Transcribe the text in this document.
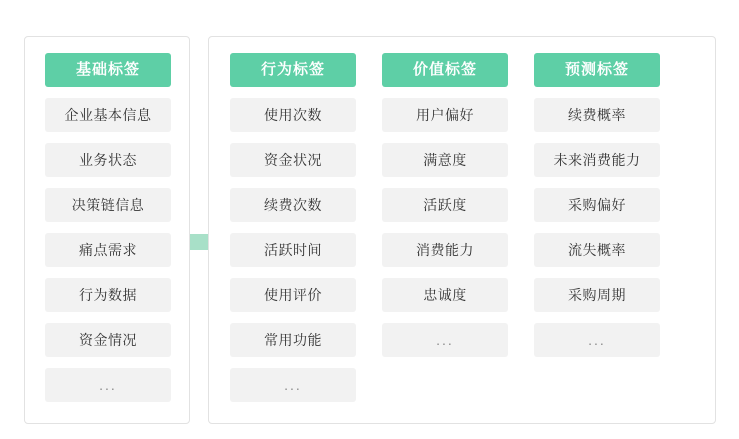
基础标签
企业基本信息
业务状态
决策链信息
痛点需求
行为数据
资金情况
...
行为标签
使用次数
资金状况
续费次数
活跃时间
使用评价
常用功能
...
价值标签
用户偏好
满意度
活跃度
消费能力
忠诚度
...
预测标签
续费概率
未来消费能力
采购偏好
流失概率
采购周期
...
